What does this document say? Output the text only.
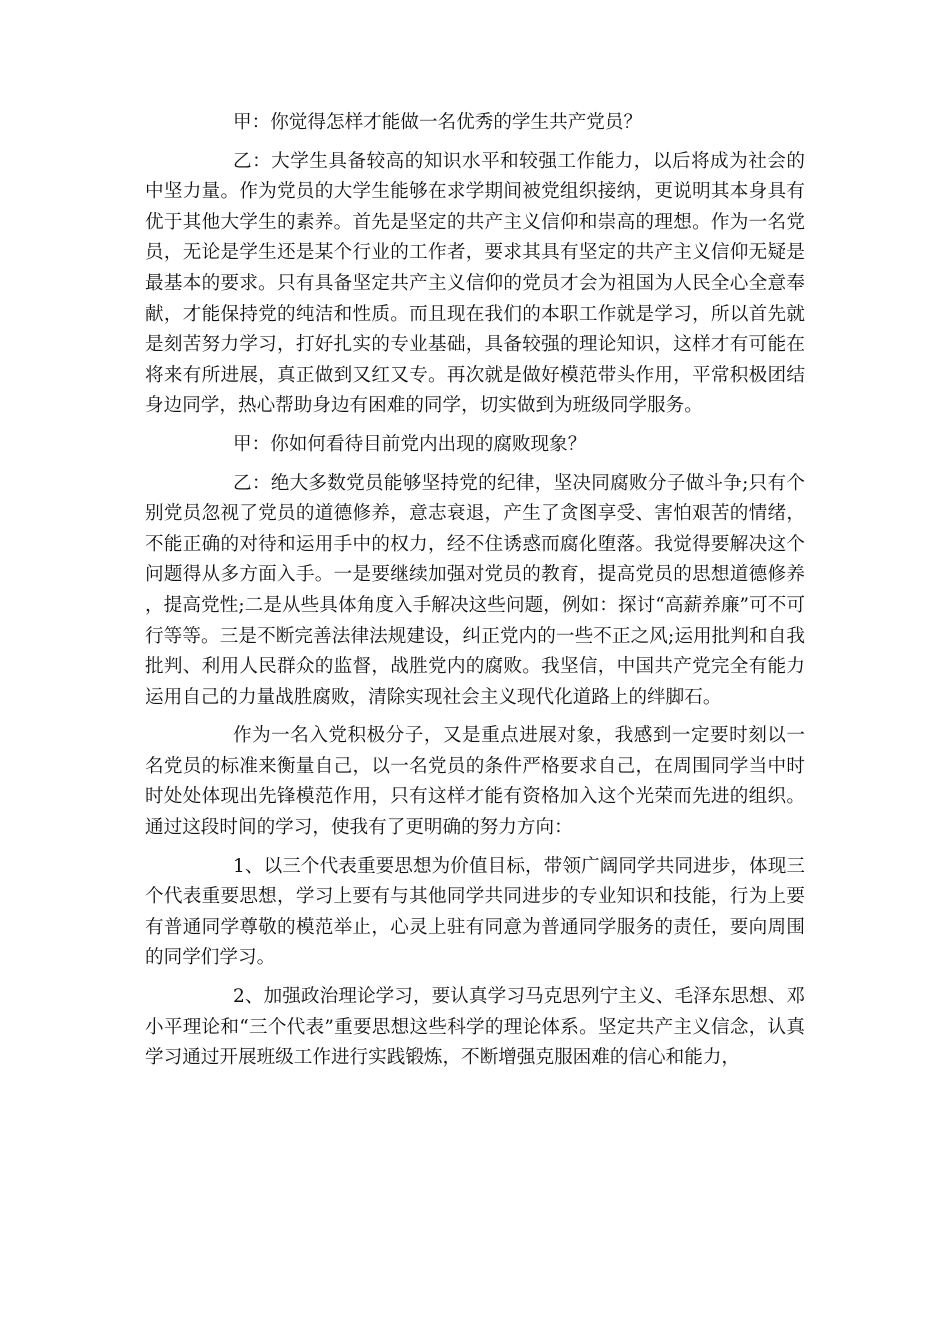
甲：你觉得怎样才能做一名优秀的学生共产党员？

乙：大学生具备较高的知识水平和较强工作能力，以后将成为社会的中坚力量。作为党员的大学生能够在求学期间被党组织接纳，更说明其本身具有优于其他大学生的素养。首先是坚定的共产主义信仰和崇高的理想。作为一名党员，无论是学生还是某个行业的工作者，要求其具有坚定的共产主义信仰无疑是最基本的要求。只有具备坚定共产主义信仰的党员才会为祖国为人民全心全意奉献，才能保持党的纯洁和性质。而且现在我们的本职工作就是学习，所以首先就是刻苦努力学习，打好扎实的专业基础，具备较强的理论知识，这样才有可能在将来有所进展，真正做到又红又专。再次就是做好模范带头作用，平常积极团结身边同学，热心帮助身边有困难的同学，切实做到为班级同学服务。

甲：你如何看待目前党内出现的腐败现象？

乙：绝大多数党员能够坚持党的纪律，坚决同腐败分子做斗争;只有个别党员忽视了党员的道德修养，意志衰退，产生了贪图享受、害怕艰苦的情绪，不能正确的对待和运用手中的权力，经不住诱惑而腐化堕落。我觉得要解决这个问题得从多方面入手。一是要继续加强对党员的教育，提高党员的思想道德修养，提高党性;二是从些具体角度入手解决这些问题，例如：探讨“高薪养廉”可不可行等等。三是不断完善法律法规建设，纠正党内的一些不正之风;运用批判和自我批判、利用人民群众的监督，战胜党内的腐败。我坚信，中国共产党完全有能力运用自己的力量战胜腐败，清除实现社会主义现代化道路上的绊脚石。

作为一名入党积极分子，又是重点进展对象，我感到一定要时刻以一名党员的标准来衡量自己，以一名党员的条件严格要求自己，在周围同学当中时时处处体现出先锋模范作用，只有这样才能有资格加入这个光荣而先进的组织。通过这段时间的学习，使我有了更明确的努力方向：

1、以三个代表重要思想为价值目标，带领广阔同学共同进步，体现三个代表重要思想，学习上要有与其他同学共同进步的专业知识和技能，行为上要有普通同学尊敬的模范举止，心灵上驻有同意为普通同学服务的责任，要向周围的同学们学习。

2、加强政治理论学习，要认真学习马克思列宁主义、毛泽东思想、邓小平理论和“三个代表”重要思想这些科学的理论体系。坚定共产主义信念，认真学习通过开展班级工作进行实践锻炼，不断增强克服困难的信心和能力，
